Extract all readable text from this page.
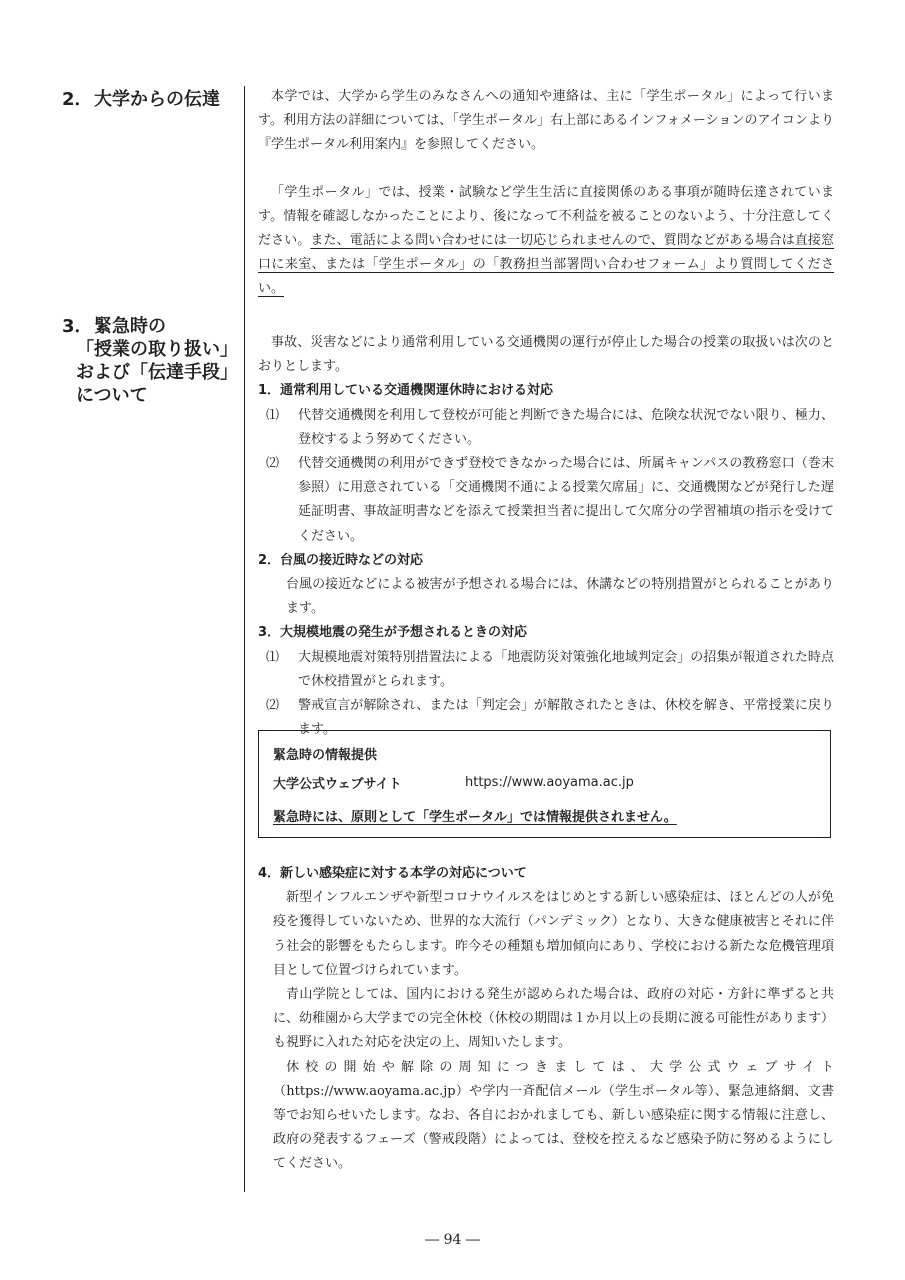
2．大学からの伝達	本学では、大学から学生のみなさんへの通知や連絡は、主に「学生ポータル」によって行います。利用方法の詳細については、「学生ポータル」右上部にあるインフォメーションのアイコンより『学生ポータル利用案内』を参照してください。

「学生ポータル」では、授業・試験など学生生活に直接関係のある事項が随時伝達されています。情報を確認しなかったことにより、後になって不利益を被ることのないよう、十分注意してください。また、電話による問い合わせには一切応じられませんので、質問などがある場合は直接窓口に来室、または「学生ポータル」の「教務担当部署問い合わせフォーム」より質問してください。

3．緊急時の
「授業の取り扱い」
および「伝達手段」
について

事故、災害などにより通常利用している交通機関の運行が停止した場合の授業の取扱いは次のとおりとします。

1．通常利用している交通機関運休時における対応

⑴	代替交通機関を利用して登校が可能と判断できた場合には、危険な状況でない限り、極力、登校するよう努めてください。
⑵	代替交通機関の利用ができず登校できなかった場合には、所属キャンパスの教務窓口（巻末参照）に用意されている「交通機関不通による授業欠席届」に、交通機関などが発行した遅延証明書、事故証明書などを添えて授業担当者に提出して欠席分の学習補填の指示を受けてください。

2．台風の接近時などの対応

台風の接近などによる被害が予想される場合には、休講などの特別措置がとられることがあります。

3．大規模地震の発生が予想されるときの対応

⑴	大規模地震対策特別措置法による「地震防災対策強化地域判定会」の招集が報道された時点で休校措置がとられます。
⑵	警戒宣言が解除され、または「判定会」が解散されたときは、休校を解き、平常授業に戻ります。
緊急時の情報提供
大学公式ウェブサイト	https://www.aoyama.ac.jp
緊急時には、原則として「学生ポータル」では情報提供されません。

4．新しい感染症に対する本学の対応について

新型インフルエンザや新型コロナウイルスをはじめとする新しい感染症は、ほとんどの人が免疫を獲得していないため、世界的な大流行（パンデミック）となり、大きな健康被害とそれに伴う社会的影響をもたらします。昨今その種類も増加傾向にあり、学校における新たな危機管理項目として位置づけられています。

青山学院としては、国内における発生が認められた場合は、政府の対応・方針に準ずると共に、幼稚園から大学までの完全休校（休校の期間は１か月以上の長期に渡る可能性があります）も視野に入れた対応を決定の上、周知いたします。

休校の開始や解除の周知につきましては、大学公式ウェブサイト（https://www.aoyama.ac.jp）や学内一斉配信メール（学生ポータル等）、緊急連絡網、文書等でお知らせいたします。なお、各自におかれましても、新しい感染症に関する情報に注意し、政府の発表するフェーズ（警戒段階）によっては、登校を控えるなど感染予防に努めるようにしてください。

― 94 ―
